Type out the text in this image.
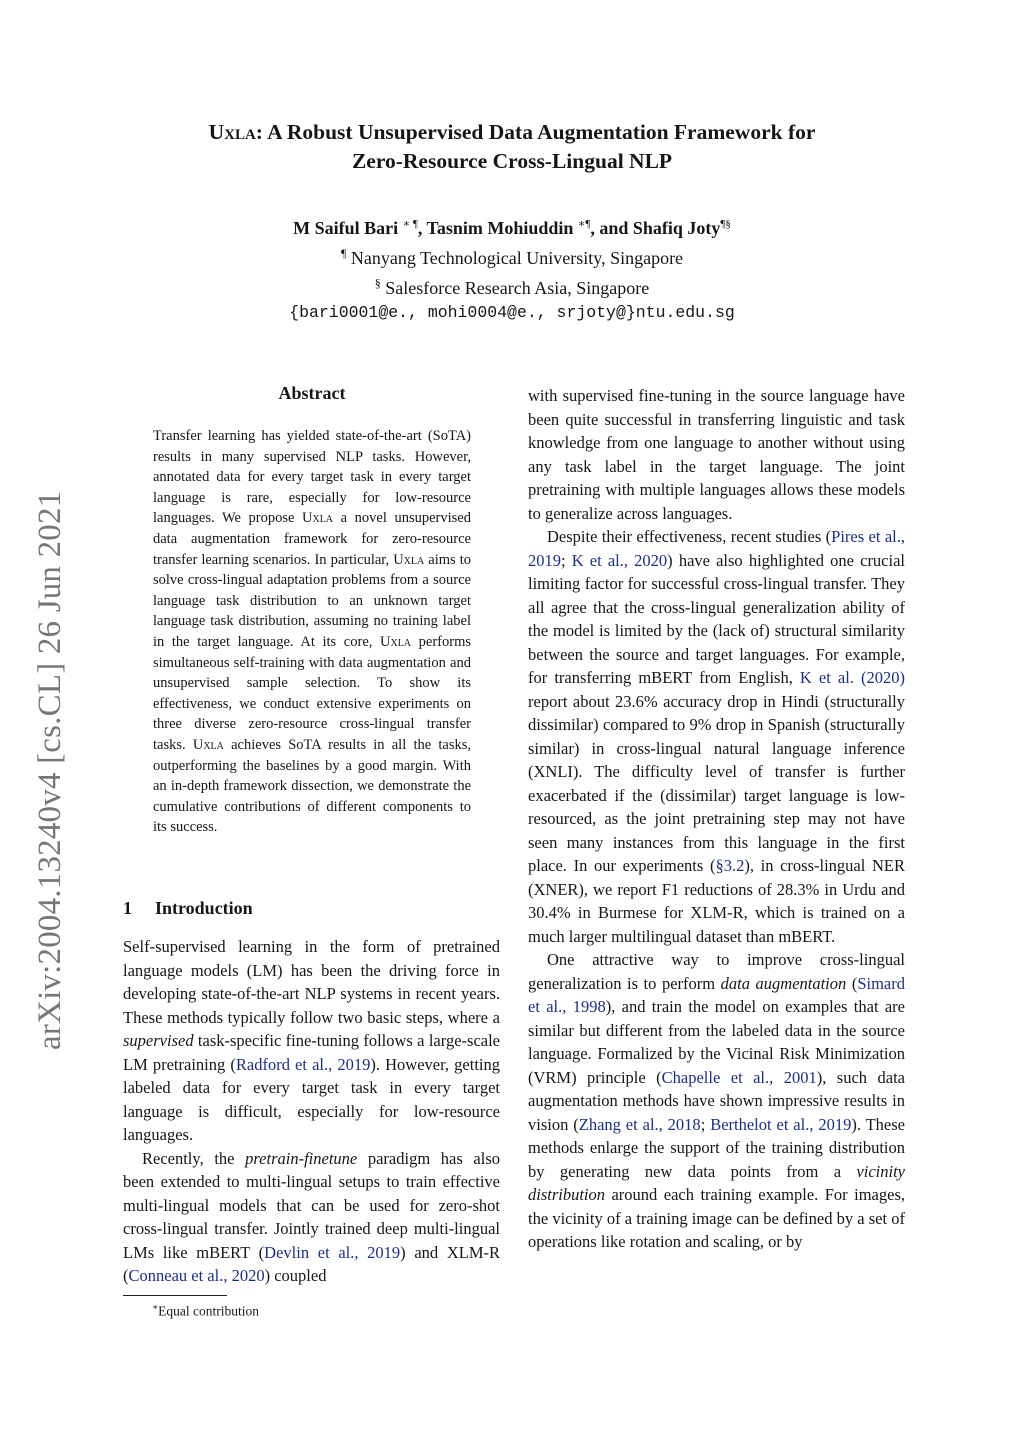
Uxla: A Robust Unsupervised Data Augmentation Framework for
Zero-Resource Cross-Lingual NLP
M Saiful Bari ∗ ¶, Tasnim Mohiuddin ∗¶, and Shafiq Joty¶§
¶ Nanyang Technological University, Singapore
§ Salesforce Research Asia, Singapore
{bari0001@e., mohi0004@e., srjoty@}ntu.edu.sg
arXiv:2004.13240v4 [cs.CL] 26 Jun 2021
Abstract
Transfer learning has yielded state-of-the-art (SoTA) results in many supervised NLP tasks. However, annotated data for every target task in every target language is rare, especially for low-resource languages. We propose Uxla a novel unsupervised data augmentation framework for zero-resource transfer learning scenarios. In particular, Uxla aims to solve cross-lingual adaptation problems from a source language task distribution to an unknown target language task distribution, assuming no training label in the target language. At its core, Uxla performs simultaneous self-training with data augmentation and unsupervised sample selection. To show its effectiveness, we conduct extensive experiments on three diverse zero-resource cross-lingual transfer tasks. Uxla achieves SoTA results in all the tasks, outperforming the baselines by a good margin. With an in-depth framework dissection, we demonstrate the cumulative contributions of different components to its success.
1 Introduction

Self-supervised learning in the form of pretrained language models (LM) has been the driving force in developing state-of-the-art NLP systems in recent years. These methods typically follow two basic steps, where a supervised task-specific fine-tuning follows a large-scale LM pretraining (Radford et al., 2019). However, getting labeled data for every target task in every target language is difficult, especially for low-resource languages.

Recently, the pretrain-finetune paradigm has also been extended to multi-lingual setups to train effective multi-lingual models that can be used for zero-shot cross-lingual transfer. Jointly trained deep multi-lingual LMs like mBERT (Devlin et al., 2019) and XLM-R (Conneau et al., 2020) coupled

with supervised fine-tuning in the source language have been quite successful in transferring linguistic and task knowledge from one language to another without using any task label in the target language. The joint pretraining with multiple languages allows these models to generalize across languages.

Despite their effectiveness, recent studies (Pires et al., 2019; K et al., 2020) have also highlighted one crucial limiting factor for successful cross-lingual transfer. They all agree that the cross-lingual generalization ability of the model is limited by the (lack of) structural similarity between the source and target languages. For example, for transferring mBERT from English, K et al. (2020) report about 23.6% accuracy drop in Hindi (structurally dissimilar) compared to 9% drop in Spanish (structurally similar) in cross-lingual natural language inference (XNLI). The difficulty level of transfer is further exacerbated if the (dissimilar) target language is low-resourced, as the joint pretraining step may not have seen many instances from this language in the first place. In our experiments (§3.2), in cross-lingual NER (XNER), we report F1 reductions of 28.3% in Urdu and 30.4% in Burmese for XLM-R, which is trained on a much larger multilingual dataset than mBERT.

One attractive way to improve cross-lingual generalization is to perform data augmentation (Simard et al., 1998), and train the model on examples that are similar but different from the labeled data in the source language. Formalized by the Vicinal Risk Minimization (VRM) principle (Chapelle et al., 2001), such data augmentation methods have shown impressive results in vision (Zhang et al., 2018; Berthelot et al., 2019). These methods enlarge the support of the training distribution by generating new data points from a vicinity distribution around each training example. For images, the vicinity of a training image can be defined by a set of operations like rotation and scaling, or by

∗Equal contribution
